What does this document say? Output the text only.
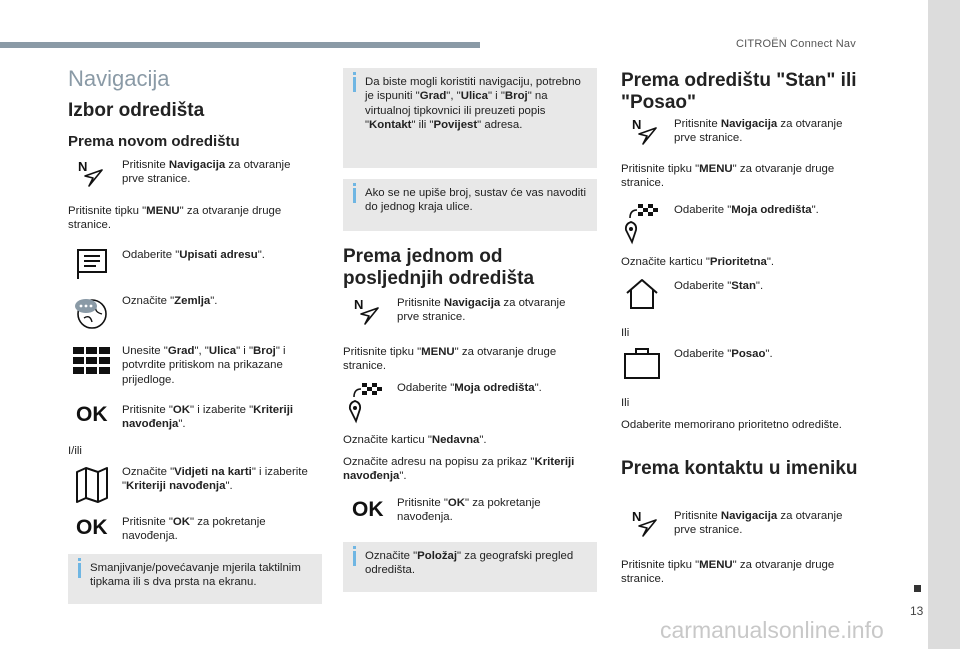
CITROËN Connect Nav
13
carmanualsonline.info
Navigacija
Izbor odredišta
Prema novom odredištu
N	Pritisnite Navigacija za otvaranje prve stranice.
Pritisnite tipku "MENU" za otvaranje druge stranice.
Odaberite "Upisati adresu".
Označite "Zemlja".
Unesite "Grad", "Ulica" i "Broj" i potvrdite pritiskom na prikazane prijedloge.
OK Pritisnite "OK" i izaberite "Kriteriji navođenja".
I/ili
Označite "Vidjeti na karti" i izaberite "Kriteriji navođenja".
OK Pritisnite "OK" za pokretanje navođenja.
Smanjivanje/povećavanje mjerila taktilnim tipkama ili s dva prsta na ekranu.
Da biste mogli koristiti navigaciju, potrebno je ispuniti "Grad", "Ulica" i "Broj" na virtualnoj tipkovnici ili preuzeti popis "Kontakt" ili "Povijest" adresa.
Ako se ne upiše broj, sustav će vas navoditi do jednog kraja ulice.
Prema jednom od posljednjih odredišta
N	Pritisnite Navigacija za otvaranje prve stranice.
Pritisnite tipku "MENU" za otvaranje druge stranice.
Odaberite "Moja odredišta".
Označite karticu "Nedavna".
Označite adresu na popisu za prikaz "Kriteriji navođenja".
OK Pritisnite "OK" za pokretanje navođenja.
Označite "Položaj" za geografski pregled odredišta.
Prema odredištu "Stan" ili "Posao"
N	Pritisnite Navigacija za otvaranje prve stranice.
Pritisnite tipku "MENU" za otvaranje druge stranice.
Odaberite "Moja odredišta".
Označite karticu "Prioritetna".
Odaberite "Stan".
Ili
Odaberite "Posao".
Ili
Odaberite memorirano prioritetno odredište.
Prema kontaktu u imeniku
N	Pritisnite Navigacija za otvaranje prve stranice.
Pritisnite tipku "MENU" za otvaranje druge stranice.
